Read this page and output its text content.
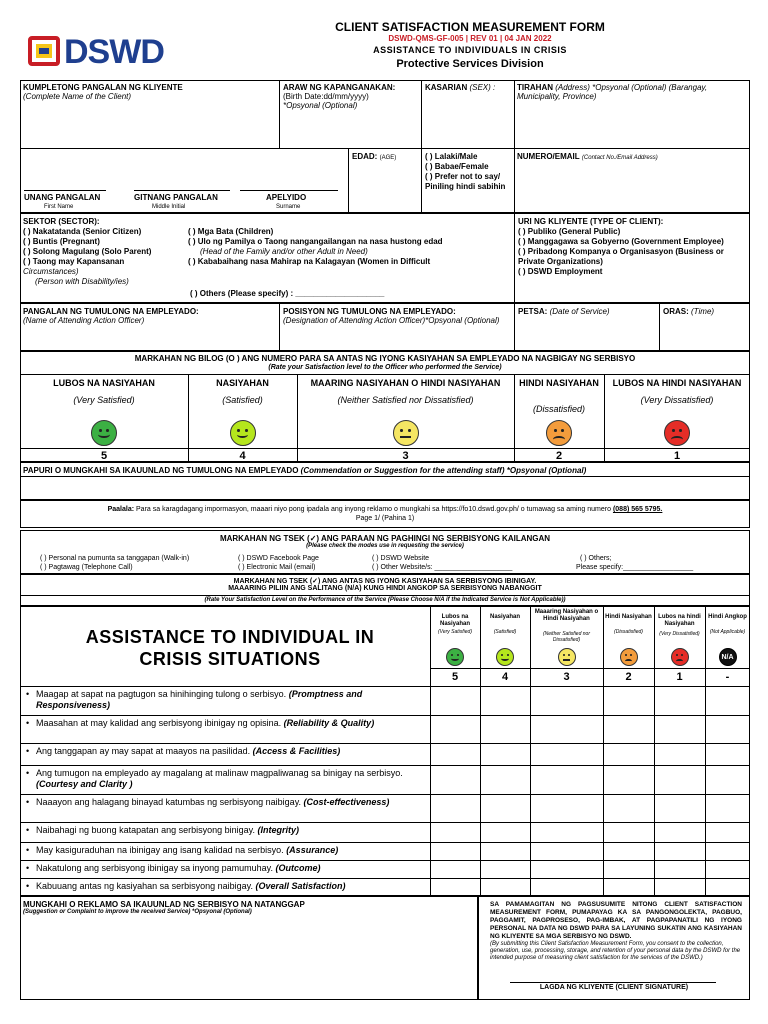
DSWD
CLIENT SATISFACTION MEASUREMENT FORM
DSWD-QMS-GF-005 | REV 01 | 04 JAN 2022
ASSISTANCE TO INDIVIDUALS IN CRISIS
Protective Services Division
KUMPLETONG PANGALAN NG KLIYENTE
(Complete Name of the Client)
ARAW NG KAPANGANAKAN:
(Birth Date:dd/mm/yyyy)
*Opsyonal (Optional)
KASARIAN (SEX) :	TIRAHAN (Address) *Opsyonal (Optional) (Barangay, Municipality, Province)
EDAD: (AGE)	( ) Lalaki/Male
( ) Babae/Female
( ) Prefer not to say/ Piniling hindi sabihin
NUMERO/EMAIL (Contact No./Email Address)
UNANG PANGALAN
First Name
GITNANG PANGALAN
Middle Initial
APELYIDO
Surname
SEKTOR (SECTOR):
( ) Nakatatanda (Senior Citizen)
( ) Buntis (Pregnant)
( ) Solong Magulang (Solo Parent)
( ) Taong may Kapansanan
Circumstances)
(Person with Disability/ies)
( ) Mga Bata (Children)
( ) Ulo ng Pamilya o Taong nangangailangan na nasa hustong edad
(Head of the Family and/or other Adult in Need)
( ) Kababaihang nasa Mahirap na Kalagayan (Women in Difficult
( ) Others (Please specify) : ____________________
URI NG KLIYENTE (TYPE OF CLIENT):
( ) Publiko (General Public)
( ) Manggagawa sa Gobyerno (Government Employee)
( ) Pribadong Kompanya o Organisasyon (Business or Private Organizations)
( ) DSWD Employment
PANGALAN NG TUMULONG NA EMPLEYADO:
(Name of Attending Action Officer)
POSISYON NG TUMULONG NA EMPLEYADO:
(Designation of Attending Action Officer)*Opsyonal (Optional)
PETSA: (Date of Service)	ORAS: (Time)
MARKAHAN NG BILOG (O ) ANG NUMERO PARA SA ANTAS NG IYONG KASIYAHAN SA EMPLEYADO NA NAGBIGAY NG SERBISYO
(Rate your Satisfaction level to the Officer who performed the Service)
LUBOS NA NASIYAHAN
(Very Satisfied)
5
NASIYAHAN
(Satisfied)
4
MAARING NASIYAHAN O HINDI NASIYAHAN
(Neither Satisfied nor Dissatisfied)
3
HINDI NASIYAHAN
(Dissatisfied)
2
LUBOS NA HINDI NASIYAHAN
(Very Dissatisfied)
1
PAPURI O MUNGKAHI SA IKAUUNLAD NG TUMULONG NA EMPLEYADO (Commendation or Suggestion for the attending staff) *Opsyonal (Optional)
Paalala: Para sa karagdagang impormasyon, maaari niyo pong ipadala ang inyong reklamo o mungkahi sa https://fo10.dswd.gov.ph/ o tumawag sa aming numero (088) 565 5795.
Page 1/ (Pahina 1)
MARKAHAN NG TSEK (✓) ANG PARAAN NG PAGHINGI NG SERBISYONG KAILANGAN
(Please check the modes use in requesting the service)
( ) Personal na pumunta sa tanggapan (Walk-in)	( ) DSWD Facebook Page	( ) DSWD Website	( ) Others;
( ) Pagtawag (Telephone Call)	( ) Electronic Mail (email)	( ) Other Website/s: ____________________	Please specify:__________________
MARKAHAN NG TSEK (✓) ANG ANTAS NG IYONG KASIYAHAN SA SERBISYONG IBINIGAY.
MAAARING PILIIN ANG SALITANG (N/A) KUNG HINDI ANGKOP SA SERBISYONG NABANGGIT
(Rate Your Satisfaction Level on the Performance of the Service (Please Choose N/A if the Indicated Service is Not Applicable))
ASSISTANCE TO INDIVIDUAL IN CRISIS SITUATIONS
Lubos na Nasiyahan
(Very Satisfied)
5
Nasiyahan
(Satisfied)
4
Maaaring Nasiyahan o Hindi Nasiyahan
(Neither Satisfied nor Dissatisfied)
3
Hindi Nasiyahan
(Dissatisfied)
2
Lubos na hindi Nasiyahan
(Very Dissatisfied)
1
Hindi Angkop
(Not Applicable)
N/A
-
• Maagap at sapat na pagtugon sa hinihinging tulong o serbisyo. (Promptness and Responsiveness)
• Maasahan at may kalidad ang serbisyong ibinigay ng opisina. (Reliability & Quality)
• Ang tanggapan ay may sapat at maayos na pasilidad. (Access & Facilities)
• Ang tumugon na empleyado ay magalang at malinaw magpaliwanag sa binigay na serbisyo. (Courtesy and Clarity )
• Naaayon ang halagang binayad katumbas ng serbisyong naibigay. (Cost-effectiveness)
• Naibahagi ng buong katapatan ang serbisyong binigay. (Integrity)
• May kasiguraduhan na ibinigay ang isang kalidad na serbisyo. (Assurance)
• Nakatulong ang serbisyong ibinigay sa inyong pamumuhay. (Outcome)
• Kabuuang antas ng kasiyahan sa serbisyong naibigay. (Overall Satisfaction)
MUNGKAHI O REKLAMO SA IKAUUNLAD NG SERBISYO NA NATANGGAP
(Suggestion or Complaint to improve the received Service) *Opsyonal (Optional)
SA PAMAMAGITAN NG PAGSUSUMITE NITONG CLIENT SATISFACTION MEASUREMENT FORM, PUMAPAYAG KA SA PANGONGOLEKTA, PAGBUO, PAGGAMIT, PAGPROSESO, PAG-IMBAK, AT PAGPAPANATILI NG IYONG PERSONAL NA DATA NG DSWD PARA SA LAYUNING SUKATIN ANG KASIYAHAN NG KLIYENTE SA MGA SERBISYO NG DSWD.
(By submitting this Client Satisfaction Measurement Form, you consent to the collection, generation, use, processing, storage, and retention of your personal data by the DSWD for the intended purpose of measuring client satisfaction for the services of the DSWD.)
LAGDA NG KLIYENTE (CLIENT SIGNATURE)
